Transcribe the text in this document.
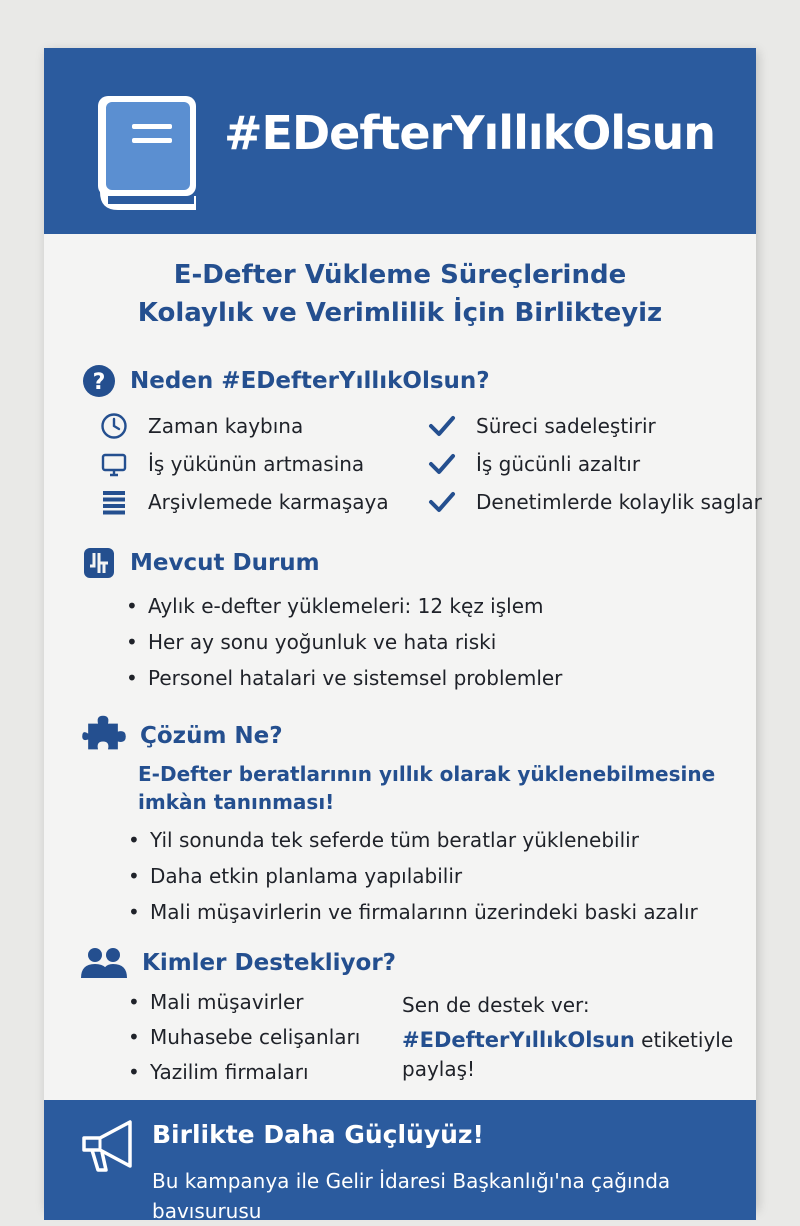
#EDefterYıllıkOlsun
E-Defter Vükleme Süreçlerinde
Kolaylık ve Verimlilik İçin Birlikteyiz
? Neden #EDefterYıllıkOlsun?
Zaman kaybına
İş yükünün artmasina
Arşivlemede karmaşaya
Süreci sadeleştirir
İş gücünli azaltır
Denetimlerde kolaylik saglar
Mevcut Durum
• Aylık e-defter yüklemeleri: 12 kęz işlem
• Her ay sonu yoğunluk ve hata riski
• Personel hatalari ve sistemsel problemler
Çözüm Ne?
E-Defter beratlarının yıllık olarak yüklenebilmesine imkàn tanınması!
• Yil sonunda tek seferde tüm beratlar yüklenebilir
• Daha etkin planlama yapılabilir
• Mali müşavirlerin ve firmalarınn üzerindeki baski azalır
Kimler Destekliyor?
• Mali müşavirler
• Muhasebe celişanları
• Yazilim firmaları
Sen de destek ver:
#EDefterYıllıkOlsun etiketiyle
paylaş!
Birlikte Daha Güçlüyüz!
Bu kampanya ile Gelir İdaresi Başkanlığı'na çağında bavısurusu
